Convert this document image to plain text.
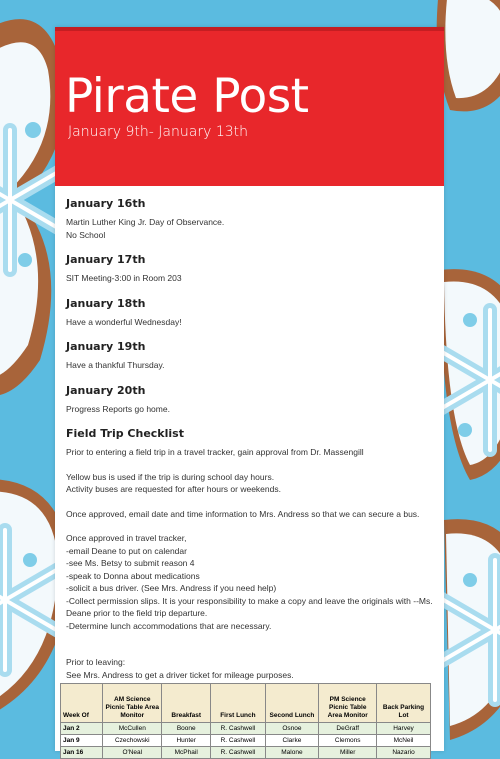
Pirate Post
January 9th- January 13th
January 16th

Martin Luther King Jr. Day of Observance.
No School

January 17th

SIT Meeting-3:00 in Room 203

January 18th

Have a wonderful Wednesday!

January 19th

Have a thankful Thursday.

January 20th

Progress Reports go home.

Field Trip Checklist

Prior to entering a field trip in a travel tracker, gain approval from Dr. Massengill

Yellow bus is used if the trip is during school day hours.
Activity buses are requested for after hours or weekends.

Once approved, email date and time information to Mrs. Andress so that we can secure a bus.

Once approved in travel tracker,
-email Deane to put on calendar
-see Ms. Betsy to submit reason 4
-speak to Donna about medications
-solicit a bus driver. (See Mrs. Andress if you need help)
-Collect permission slips. It is your responsibility to make a copy and leave the originals with --Ms. Deane prior to the field trip departure.
-Determine lunch accommodations that are necessary.

Prior to leaving:
See Mrs. Andress to get a driver ticket for mileage purposes.

Week Of	AM Science Picnic Table Area Monitor	Breakfast	First Lunch	Second Lunch	PM Science Picnic Table Area Monitor	Back Parking Lot
Jan 2	McCullen	Boone	R. Cashwell	Osnoe	DeGraff	Harvey
Jan 9	Czechowski	Hunter	R. Cashwell	Clarke	Clemons	McNeil
Jan 16	O'Neal	McPhail	R. Cashwell	Malone	Miller	Nazario
